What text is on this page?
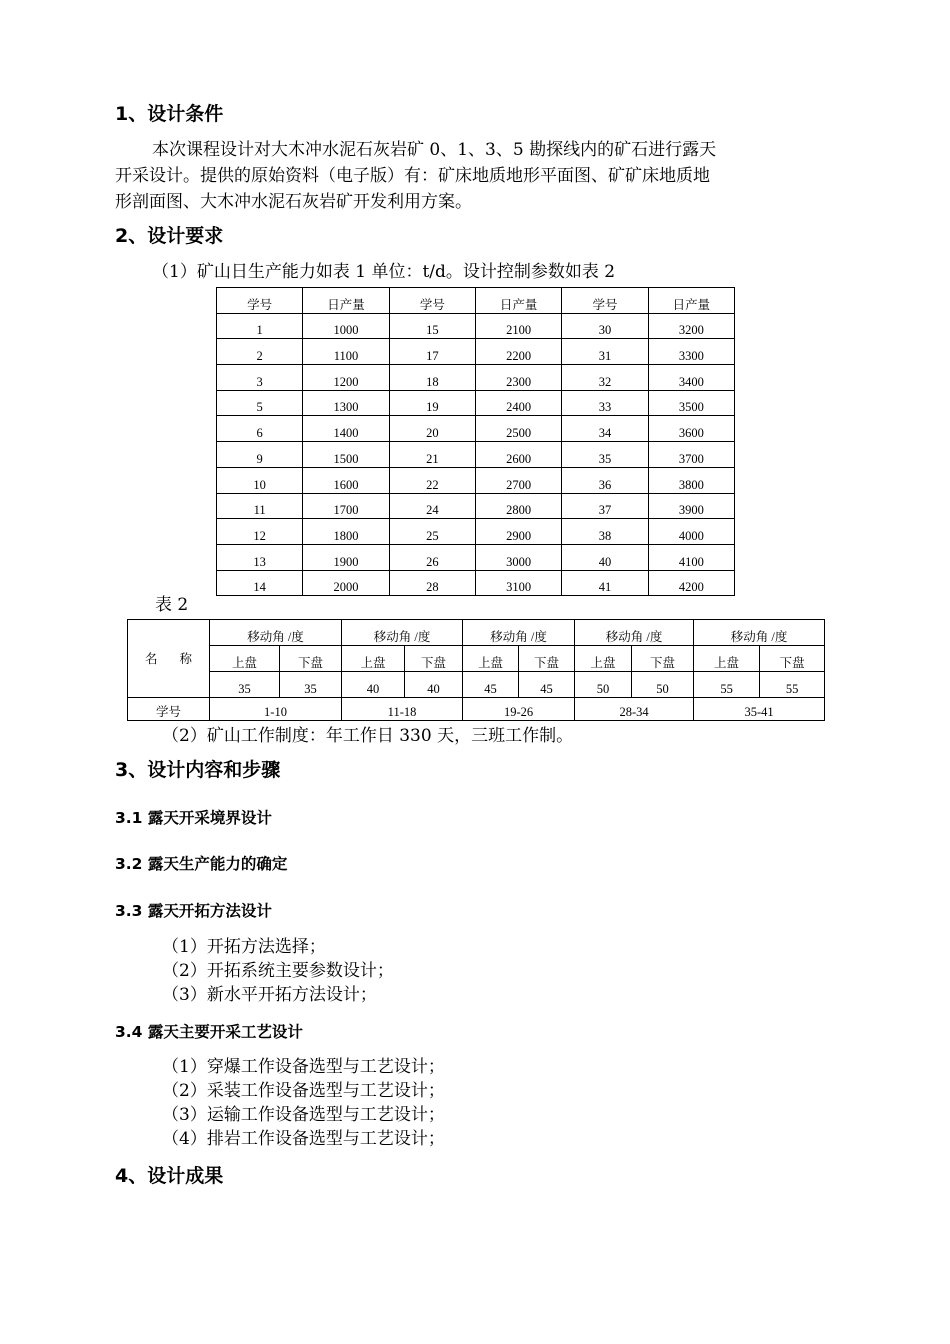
1、设计条件
本次课程设计对大木冲水泥石灰岩矿 0、1、3、5 勘探线内的矿石进行露天
开采设计。提供的原始资料（电子版）有：矿床地质地形平面图、矿矿床地质地
形剖面图、大木冲水泥石灰岩矿开发利用方案。
2、设计要求
（1）矿山日生产能力如表 1 单位：t/d。设计控制参数如表 2
学号	日产量	学号	日产量	学号	日产量
1	1000	15	2100	30	3200
2	1100	17	2200	31	3300
3	1200	18	2300	32	3400
5	1300	19	2400	33	3500
6	1400	20	2500	34	3600
9	1500	21	2600	35	3700
10	1600	22	2700	36	3800
11	1700	24	2800	37	3900
12	1800	25	2900	38	4000
13	1900	26	3000	40	4100
14	2000	28	3100	41	4200
表 2
名 称	移动角 /度		移动角 /度		移动角 /度		移动角 /度		移动角 /度	
	上盘	下盘	上盘	下盘	上盘	下盘	上盘	下盘	上盘	下盘
	35	35	40	40	45	45	50	50	55	55
学号	1-10		11-18		19-26		28-34		35-41	
（2）矿山工作制度：年工作日 330 天，三班工作制。
3、设计内容和步骤
3.1 露天开采境界设计
3.2 露天生产能力的确定
3.3 露天开拓方法设计
（1）开拓方法选择；
（2）开拓系统主要参数设计；
（3）新水平开拓方法设计；
3.4 露天主要开采工艺设计
（1）穿爆工作设备选型与工艺设计；
（2）采装工作设备选型与工艺设计；
（3）运输工作设备选型与工艺设计；
（4）排岩工作设备选型与工艺设计；
4、设计成果
